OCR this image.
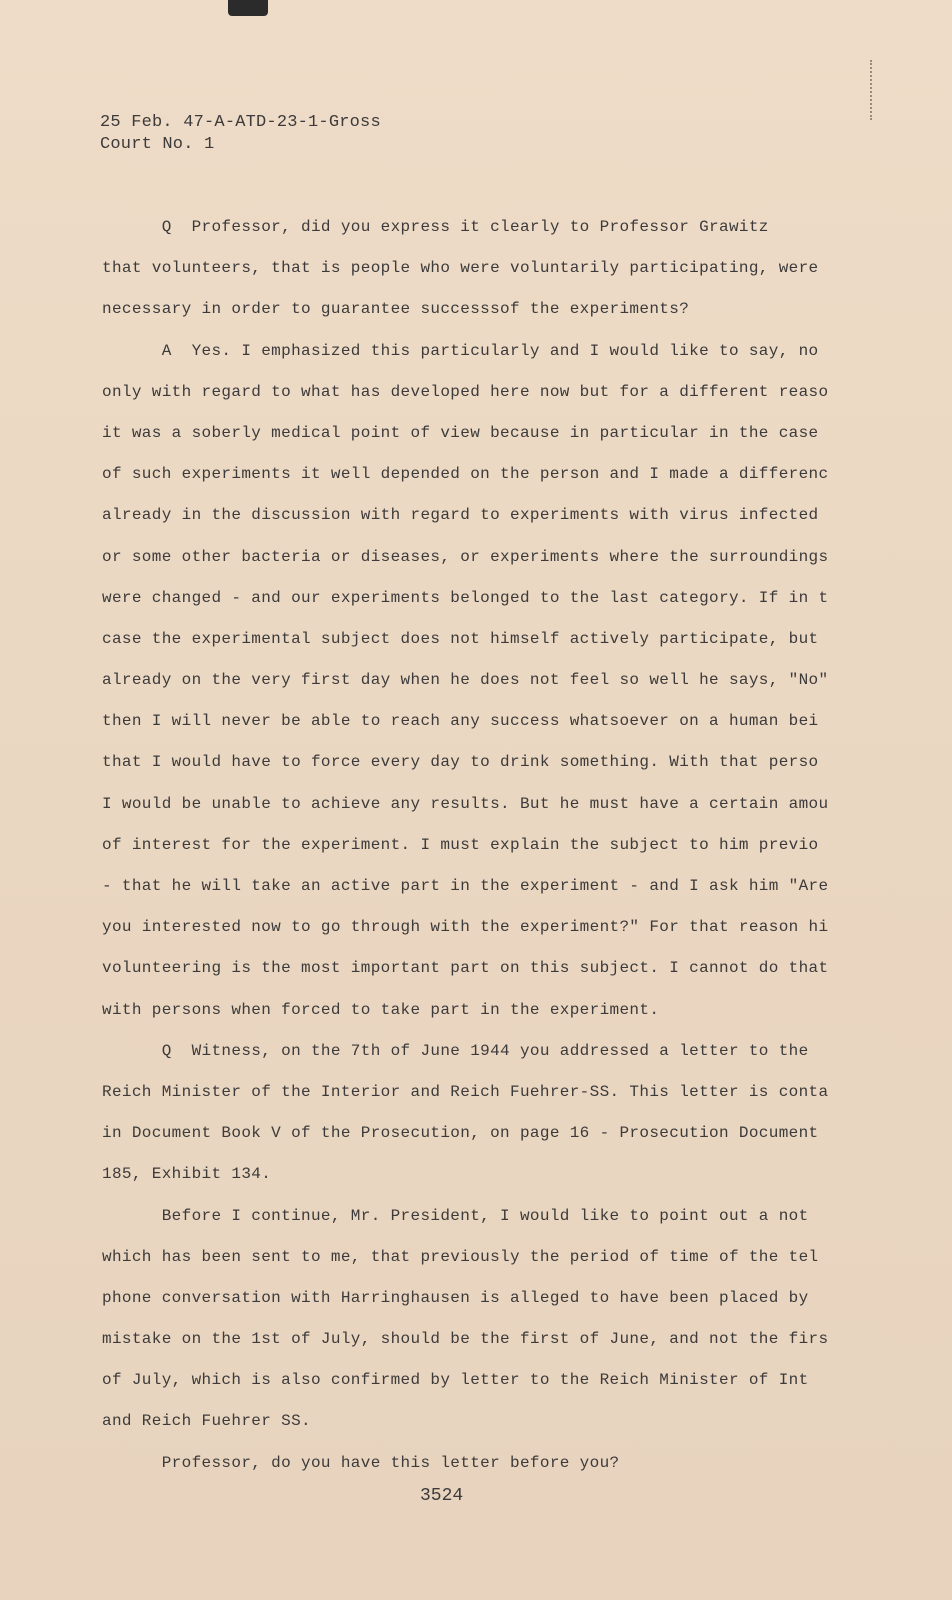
25 Feb. 47-A-ATD-23-1-Gross
Court No. 1
Q  Professor, did you express it clearly to Professor Grawitz
that volunteers, that is people who were voluntarily participating, were
necessary in order to guarantee successsof the experiments?
A  Yes. I emphasized this particularly and I would like to say, no
only with regard to what has developed here now but for a different reaso
it was a soberly medical point of view because in particular in the case
of such experiments it well depended on the person and I made a differenc
already in the discussion with regard to experiments with virus infected
or some other bacteria or diseases, or experiments where the surroundings
were changed - and our experiments belonged to the last category. If in t
case the experimental subject does not himself actively participate, but
already on the very first day when he does not feel so well he says, "No"
then I will never be able to reach any success whatsoever on a human bei
that I would have to force every day to drink something. With that perso
I would be unable to achieve any results. But he must have a certain amou
of interest for the experiment. I must explain the subject to him previo
- that he will take an active part in the experiment - and I ask him "Are
you interested now to go through with the experiment?" For that reason hi
volunteering is the most important part on this subject. I cannot do that
with persons when forced to take part in the experiment.
Q  Witness, on the 7th of June 1944 you addressed a letter to the
Reich Minister of the Interior and Reich Fuehrer-SS. This letter is conta
in Document Book V of the Prosecution, on page 16 - Prosecution Document
185, Exhibit 134.
Before I continue, Mr. President, I would like to point out a not
which has been sent to me, that previously the period of time of the tel
phone conversation with Harringhausen is alleged to have been placed by
mistake on the 1st of July, should be the first of June, and not the firs
of July, which is also confirmed by letter to the Reich Minister of Int
and Reich Fuehrer SS.
Professor, do you have this letter before you?
3524
